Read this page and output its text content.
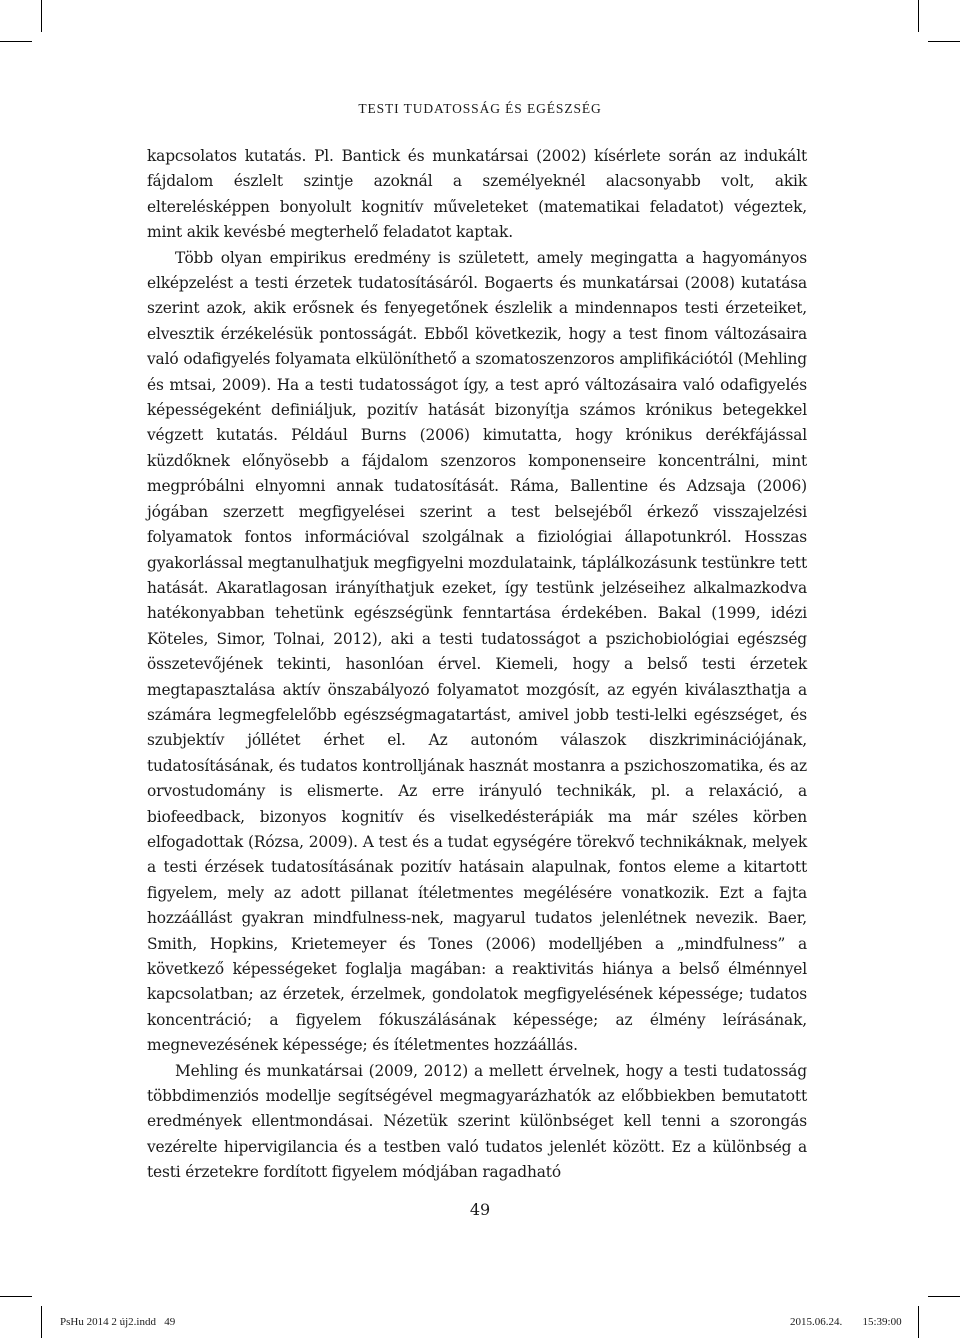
TESTI TUDATOSSÁG ÉS EGÉSZSÉG

kapcsolatos kutatás. Pl. Bantick és munkatársai (2002) kísérlete során az indukált fájdalom észlelt szintje azoknál a személyeknél alacsonyabb volt, akik elterelésképpen bonyolult kognitív műveleteket (matematikai feladatot) végeztek, mint akik kevésbé megterhelő feladatot kaptak.

Több olyan empirikus eredmény is született, amely megingatta a hagyományos elképzelést a testi érzetek tudatosításáról. Bogaerts és munkatársai (2008) kutatása szerint azok, akik erősnek és fenyegetőnek észlelik a mindennapos testi érzeteiket, elvesztik érzékelésük pontosságát. Ebből következik, hogy a test finom változásaira való odafigyelés folyamata elkülöníthető a szomatoszenzoros amplifikációtól (Mehling és mtsai, 2009). Ha a testi tudatosságot így, a test apró változásaira való odafigyelés képességeként definiáljuk, pozitív hatását bizonyítja számos krónikus betegekkel végzett kutatás. Például Burns (2006) kimutatta, hogy krónikus derékfájással küzdőknek előnyösebb a fájdalom szenzoros komponenseire koncentrálni, mint megpróbálni elnyomni annak tudatosítását. Ráma, Ballentine és Adzsaja (2006) jógában szerzett megfigyelései szerint a test belsejéből érkező visszajelzési folyamatok fontos információval szolgálnak a fiziológiai állapotunkról. Hosszas gyakorlással megtanulhatjuk megfigyelni mozdulataink, táplálkozásunk testünkre tett hatását. Akaratlagosan irányíthatjuk ezeket, így testünk jelzéseihez alkalmazkodva hatékonyabban tehetünk egészségünk fenntartása érdekében. Bakal (1999, idézi Köteles, Simor, Tolnai, 2012), aki a testi tudatosságot a pszichobiológiai egészség összetevőjének tekinti, hasonlóan érvel. Kiemeli, hogy a belső testi érzetek megtapasztalása aktív önszabályozó folyamatot mozgósít, az egyén kiválaszthatja a számára legmegfelelőbb egészségmagatartást, amivel jobb testi-lelki egészséget, és szubjektív jóllétet érhet el. Az autonóm válaszok diszkriminációjának, tudatosításának, és tudatos kontrolljának hasznát mostanra a pszichoszomatika, és az orvostudomány is elismerte. Az erre irányuló technikák, pl. a relaxáció, a biofeedback, bizonyos kognitív és viselkedésterápiák ma már széles körben elfogadottak (Rózsa, 2009). A test és a tudat egységére törekvő technikáknak, melyek a testi érzések tudatosításának pozitív hatásain alapulnak, fontos eleme a kitartott figyelem, mely az adott pillanat ítéletmentes megélésére vonatkozik. Ezt a fajta hozzáállást gyakran mindfulness-nek, magyarul tudatos jelenlétnek nevezik. Baer, Smith, Hopkins, Krietemeyer és Tones (2006) modelljében a „mindfulness” a következő képességeket foglalja magában: a reaktivitás hiánya a belső élménnyel kapcsolatban; az érzetek, érzelmek, gondolatok megfigyelésének képessége; tudatos koncentráció; a figyelem fókuszálásának képessége; az élmény leírásának, megnevezésének képessége; és ítéletmentes hozzáállás.

Mehling és munkatársai (2009, 2012) a mellett érvelnek, hogy a testi tudatosság többdimenziós modellje segítségével megmagyarázhatók az előbbiekben bemutatott eredmények ellentmondásai. Nézetük szerint különbséget kell tenni a szorongás vezérelte hipervigilancia és a testben való tudatos jelenlét között. Ez a különbség a testi érzetekre fordított figyelem módjában ragadható

49
PsHu 2014 2 új2.indd   49	2015.06.24.   15:39:00
